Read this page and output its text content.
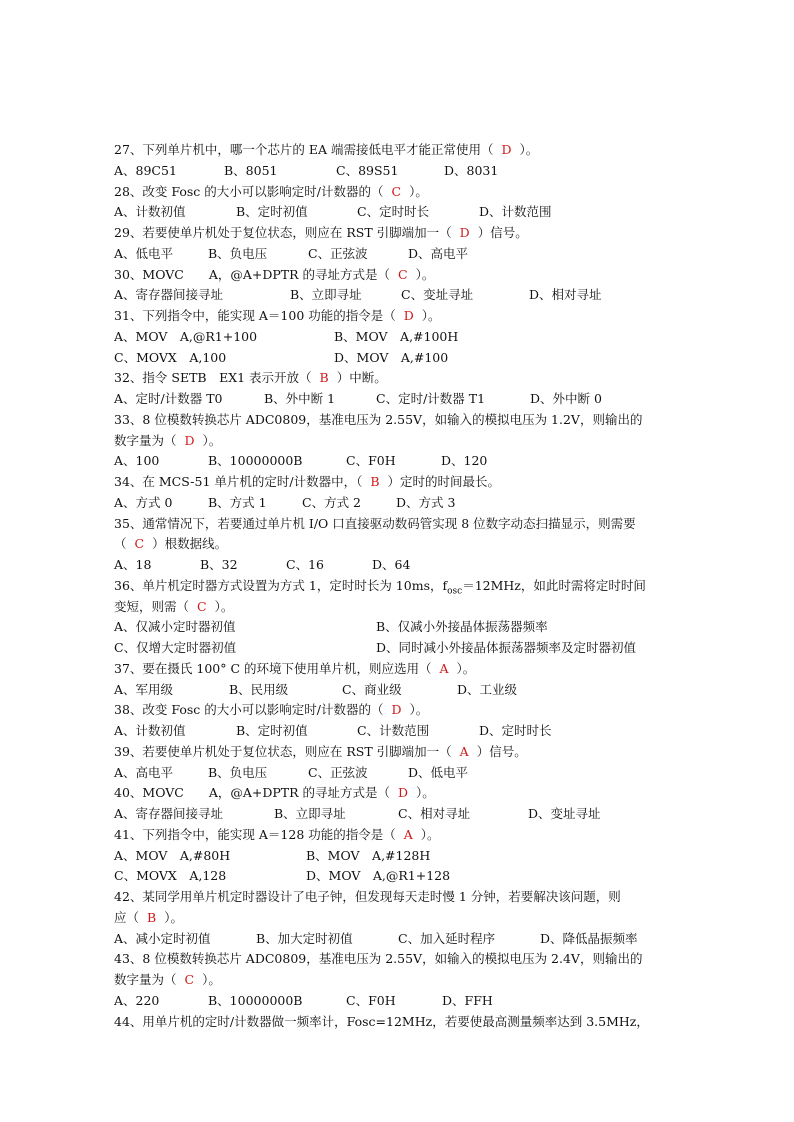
27、下列单片机中，哪一个芯片的 EA 端需接低电平才能正常使用（ D ）。
A、89C51	B、8051	C、89S51	D、8031
28、改变 Fosc 的大小可以影响定时/计数器的（ C ）。
A、计数初值	B、定时初值	C、定时时长	D、计数范围
29、若要使单片机处于复位状态，则应在 RST 引脚端加一（ D ）信号。
A、低电平	B、负电压	C、正弦波	D、高电平
30、MOVC　　A，@A+DPTR 的寻址方式是（ C ）。
A、寄存器间接寻址	B、立即寻址	C、变址寻址	D、相对寻址
31、下列指令中，能实现 A＝100 功能的指令是（ D ）。
A、MOV　A,@R1+100	B、MOV　A,#100H
C、MOVX　A,100	D、MOV　A,#100
32、指令 SETB　EX1 表示开放（ B ）中断。
A、定时/计数器 T0	B、外中断 1	C、定时/计数器 T1	D、外中断 0
33、8 位模数转换芯片 ADC0809，基准电压为 2.55V，如输入的模拟电压为 1.2V，则输出的
数字量为（ D ）。
A、100	B、10000000B	C、F0H	D、120
34、在 MCS-51 单片机的定时/计数器中，（ B ）定时的时间最长。
A、方式 0	B、方式 1	C、方式 2	D、方式 3
35、通常情况下，若要通过单片机 I/O 口直接驱动数码管实现 8 位数字动态扫描显示，则需要
（ C ）根数据线。
A、18	B、32	C、16	D、64
36、单片机定时器方式设置为方式 1，定时时长为 10ms，$f_{osc}=12MHz$，如此时需将定时时间
变短，则需（ C ）。
A、仅减小定时器初值	B、仅减小外接晶体振荡器频率
C、仅增大定时器初值	D、同时减小外接晶体振荡器频率及定时器初值
37、要在摄氏 100° C 的环境下使用单片机，则应选用（ A ）。
A、军用级	B、民用级	C、商业级	D、工业级
38、改变 Fosc 的大小可以影响定时/计数器的（ D ）。
A、计数初值	B、定时初值	C、计数范围	D、定时时长
39、若要使单片机处于复位状态，则应在 RST 引脚端加一（ A ）信号。
A、高电平	B、负电压	C、正弦波	D、低电平
40、MOVC　　A，@A+DPTR 的寻址方式是（ D ）。
A、寄存器间接寻址	B、立即寻址	C、相对寻址	D、变址寻址
41、下列指令中，能实现 A＝128 功能的指令是（ A ）。
A、MOV　A,#80H	B、MOV　A,#128H
C、MOVX　A,128	D、MOV　A,@R1+128
42、某同学用单片机定时器设计了电子钟，但发现每天走时慢 1 分钟，若要解决该问题，则
应（ B ）。
A、减小定时初值	B、加大定时初值	C、加入延时程序	D、降低晶振频率
43、8 位模数转换芯片 ADC0809，基准电压为 2.55V，如输入的模拟电压为 2.4V，则输出的
数字量为（ C ）。
A、220	B、10000000B	C、F0H	D、FFH
44、用单片机的定时/计数器做一频率计，Fosc=12MHz，若要使最高测量频率达到 3.5MHz，
